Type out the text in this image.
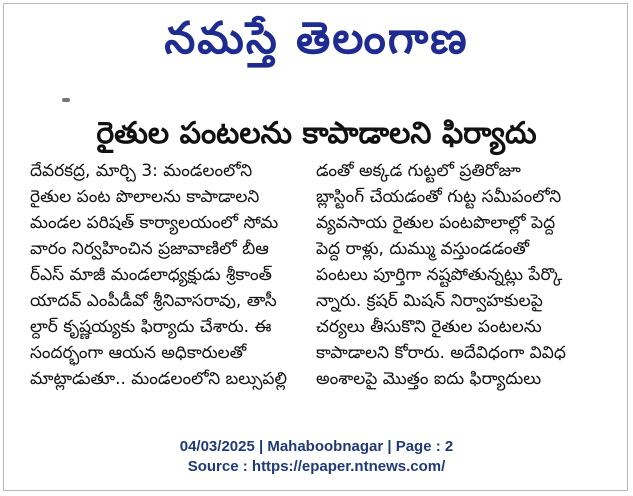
నమస్తే తెలంగాణ
రైతుల పంటలను కాపాడాలని ఫిర్యాదు
దేవరకద్ర, మార్చి 3: మండలంలోని
రైతుల పంట పొలాలను కాపాడాలని
మండల పరిషత్ కార్యాలయంలో సోమ
వారం నిర్వహించిన ప్రజావాణిలో బీఆ
ర్ఎస్ మాజీ మండలాధ్యక్షుడు శ్రీకాంత్
యాదవ్ ఎంపీడీవో శ్రీనివాసరావు, తాసీ
ల్దార్ కృష్ణయ్యకు ఫిర్యాదు చేశారు. ఈ
సందర్భంగా ఆయన అధికారులతో
మాట్లాడుతూ.. మండలంలోని బల్సుపల్లి
డంతో అక్కడ గుట్టలో ప్రతిరోజూ
బ్లాస్టింగ్ చేయడంతో గుట్ట సమీపంలోని
వ్యవసాయ రైతుల పంటపొలాల్లో పెద్ద
పెద్ద రాళ్లు, దుమ్ము వస్తుండడంతో
పంటలు పూర్తిగా నష్టపోతున్నట్లు పేర్కొ
న్నారు. క్రషర్ మిషన్ నిర్వాహకులపై
చర్యలు తీసుకొని రైతుల పంటలను
కాపాడాలని కోరారు. అదేవిధంగా వివిధ
అంశాలపై మొత్తం ఐదు ఫిర్యాదులు
04/03/2025 | Mahaboobnagar | Page : 2
Source : https://epaper.ntnews.com/
